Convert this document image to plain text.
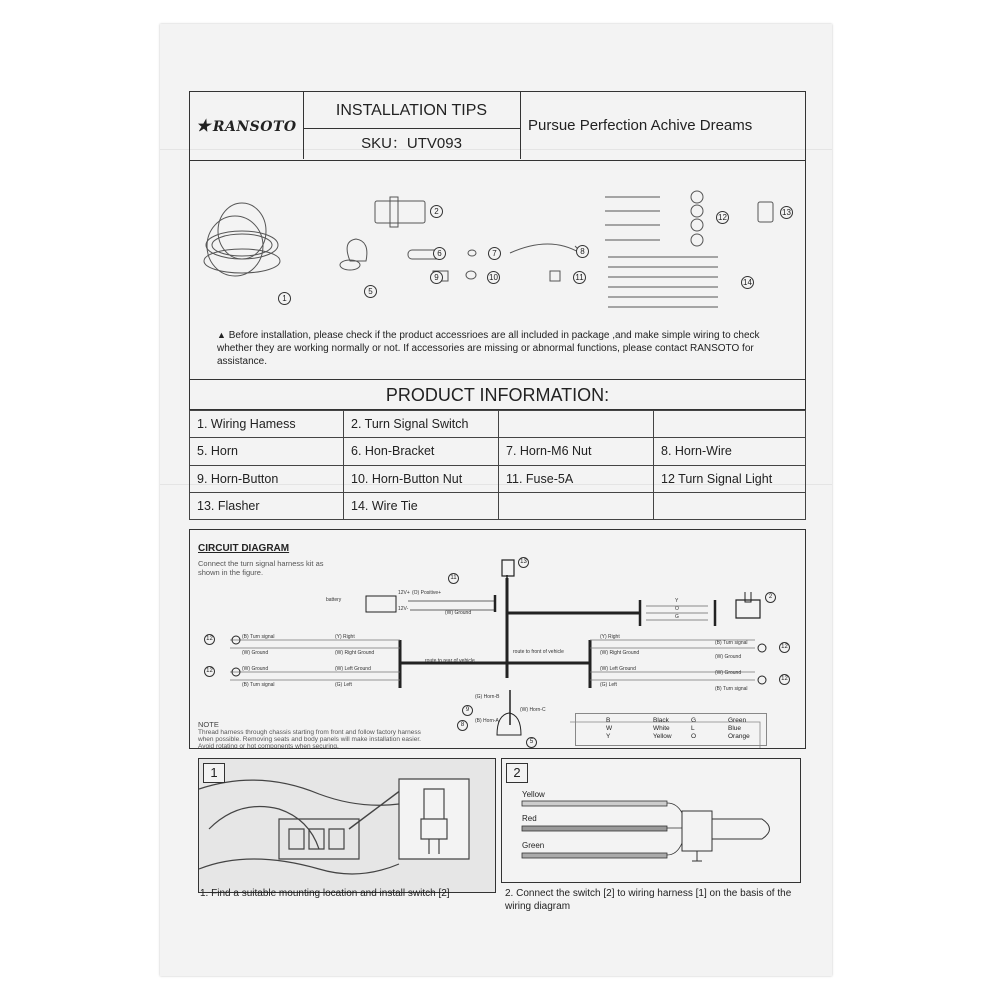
★ RANSOTO
INSTALLATION TIPS
SKU：UTV093
Pursue Perfection Achive Dreams
1
2
5
6	7	8
9	10	11
12
13
14
▲ Before installation, please check if the product accessrioes are all included in package ,and make simple wiring to check whether they are working normally or not. If accessories are missing or abnormal functions, please contact RANSOTO for assistance.
PRODUCT INFORMATION:
1. Wiring Hamess	2. Turn Signal Switch
5. Horn	6. Hon-Bracket	7. Horn-M6 Nut	8. Horn-Wire
9. Horn-Button	10. Horn-Button Nut	11. Fuse-5A	12 Turn Signal Light
13. Flasher	14. Wire Tie
CIRCUIT DIAGRAM
Connect the turn signal harness kit as shown in the figure.
battery
12V+
12V-
(O) Positive+
(W) Ground
11
13
2
Y
O
G
12
12
12
12
(Y) Right
(W) Right Ground
(W) Left Ground
(G) Left
(B) Turn signal
(W) Ground
(W) Ground
(B) Turn signal
(Y) Right
(W) Right Ground
(W) Left Ground
(G) Left
(B) Turn signal
(W) Ground
(W) Ground
(B) Turn signal
route to rear of vehicle
route to front of vehicle
(G) Horn-B
(B) Horn-A
(W) Horn-C
9
8
5
NOTE
Thread harness through chassis starting from front and follow factory harness when possible. Removing seats and body panels will make installation easier. Avoid rotating or hot components when securing.
B	Black
W	White
Y	Yellow
G	Green
L	Blue
O	Orange
1
1. Find a suitable mounting location and install switch [2]
2
Yellow
Red
Green
2. Connect the switch [2] to wiring harness [1] on the basis of the wiring diagram
